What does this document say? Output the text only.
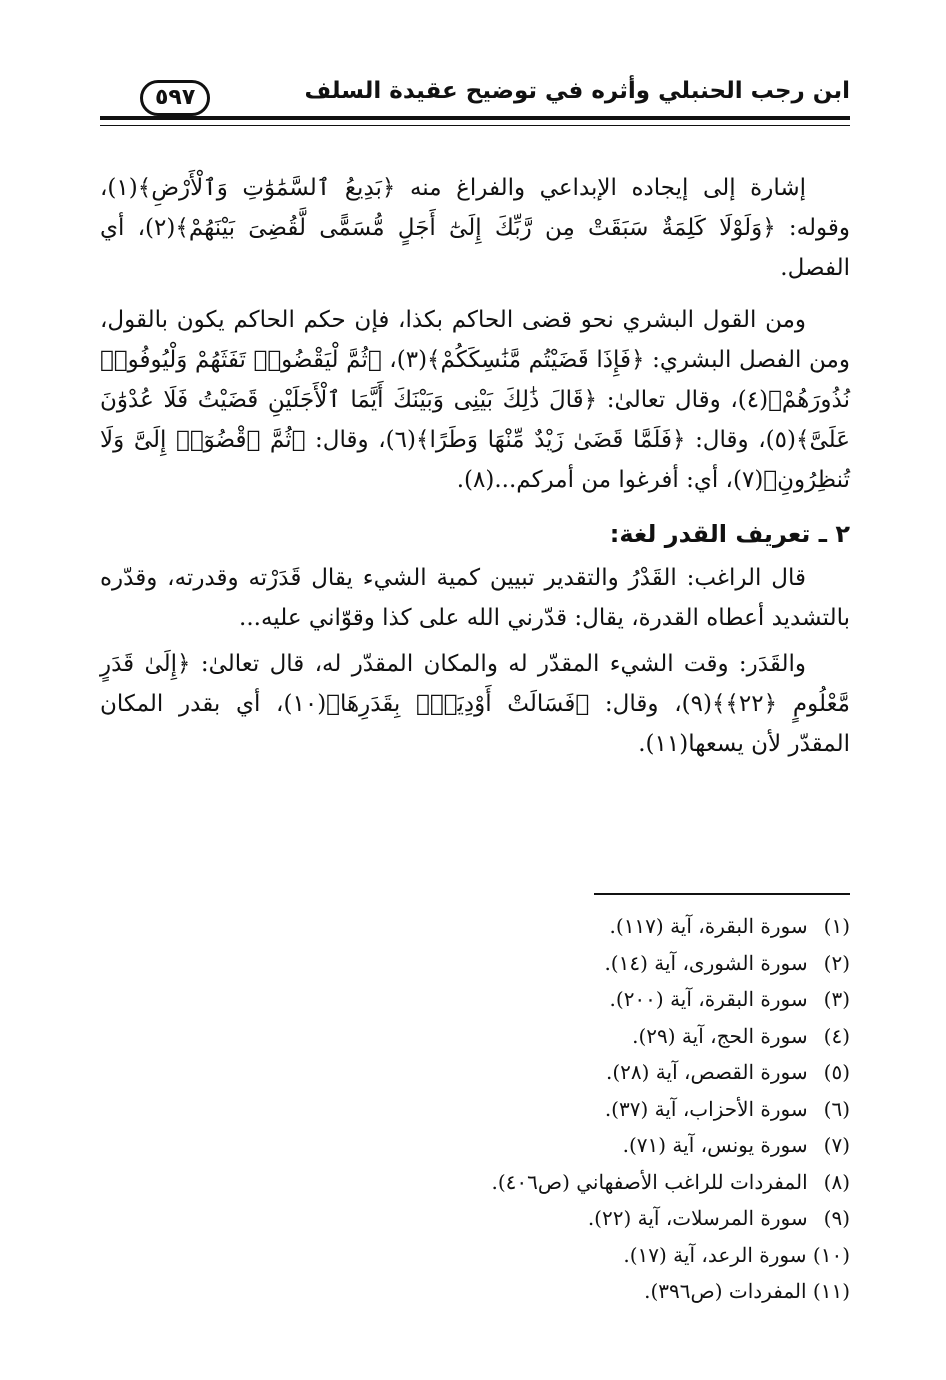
ابن رجب الحنبلي وأثره في توضيح عقيدة السلف
٥٩٧

إشارة إلى إيجاده الإبداعي والفراغ منه ﴿بَدِيعُ ٱلسَّمَٰوَٰتِ وَٱلْأَرْضِ﴾(١)، وقوله: ﴿وَلَوْلَا كَلِمَةٌ سَبَقَتْ مِن رَّبِّكَ إِلَىٰٓ أَجَلٍ مُّسَمًّى لَّقُضِىَ بَيْنَهُمْ﴾(٢)، أي الفصل.

ومن القول البشري نحو قضى الحاكم بكذا، فإن حكم الحاكم يكون بالقول، ومن الفصل البشري: ﴿فَإِذَا قَضَيْتُم مَّنَٰسِكَكُمْ﴾(٣)، ﴿ثُمَّ لْيَقْضُوا۟ تَفَثَهُمْ وَلْيُوفُوا۟ نُذُورَهُمْ﴾(٤)، وقال تعالىٰ: ﴿قَالَ ذَٰلِكَ بَيْنِى وَبَيْنَكَ أَيَّمَا ٱلْأَجَلَيْنِ قَضَيْتُ فَلَا عُدْوَٰنَ عَلَىَّ﴾(٥)، وقال: ﴿فَلَمَّا قَضَىٰ زَيْدٌ مِّنْهَا وَطَرًا﴾(٦)، وقال: ﴿ثُمَّ ٱقْضُوٓا۟ إِلَىَّ وَلَا تُنظِرُونِ﴾(٧)، أي: أفرغوا من أمركم...(٨).

٢ ـ تعريف القدر لغة:

قال الراغب: القَدْرُ والتقدير تبيين كمية الشيء يقال قَدَرْته وقدرته، وقدّره بالتشديد أعطاه القدرة، يقال: قدّرني الله على كذا وقوّاني عليه...

والقَدَر: وقت الشيء المقدّر له والمكان المقدّر له، قال تعالىٰ: ﴿إِلَىٰ قَدَرٍ مَّعْلُومٍ ﴿٢٢﴾﴾(٩)، وقال: ﴿فَسَالَتْ أَوْدِيَةٌۢ بِقَدَرِهَا﴾(١٠)، أي بقدر المكان المقدّر لأن يسعها(١١).

(١) سورة البقرة، آية (١١٧).
(٢) سورة الشورى، آية (١٤).
(٣) سورة البقرة، آية (٢٠٠).
(٤) سورة الحج، آية (٢٩).
(٥) سورة القصص، آية (٢٨).
(٦) سورة الأحزاب، آية (٣٧).
(٧) سورة يونس، آية (٧١).
(٨) المفردات للراغب الأصفهاني (ص٤٠٦).
(٩) سورة المرسلات، آية (٢٢).
(١٠) سورة الرعد، آية (١٧).
(١١) المفردات (ص٣٩٦).
